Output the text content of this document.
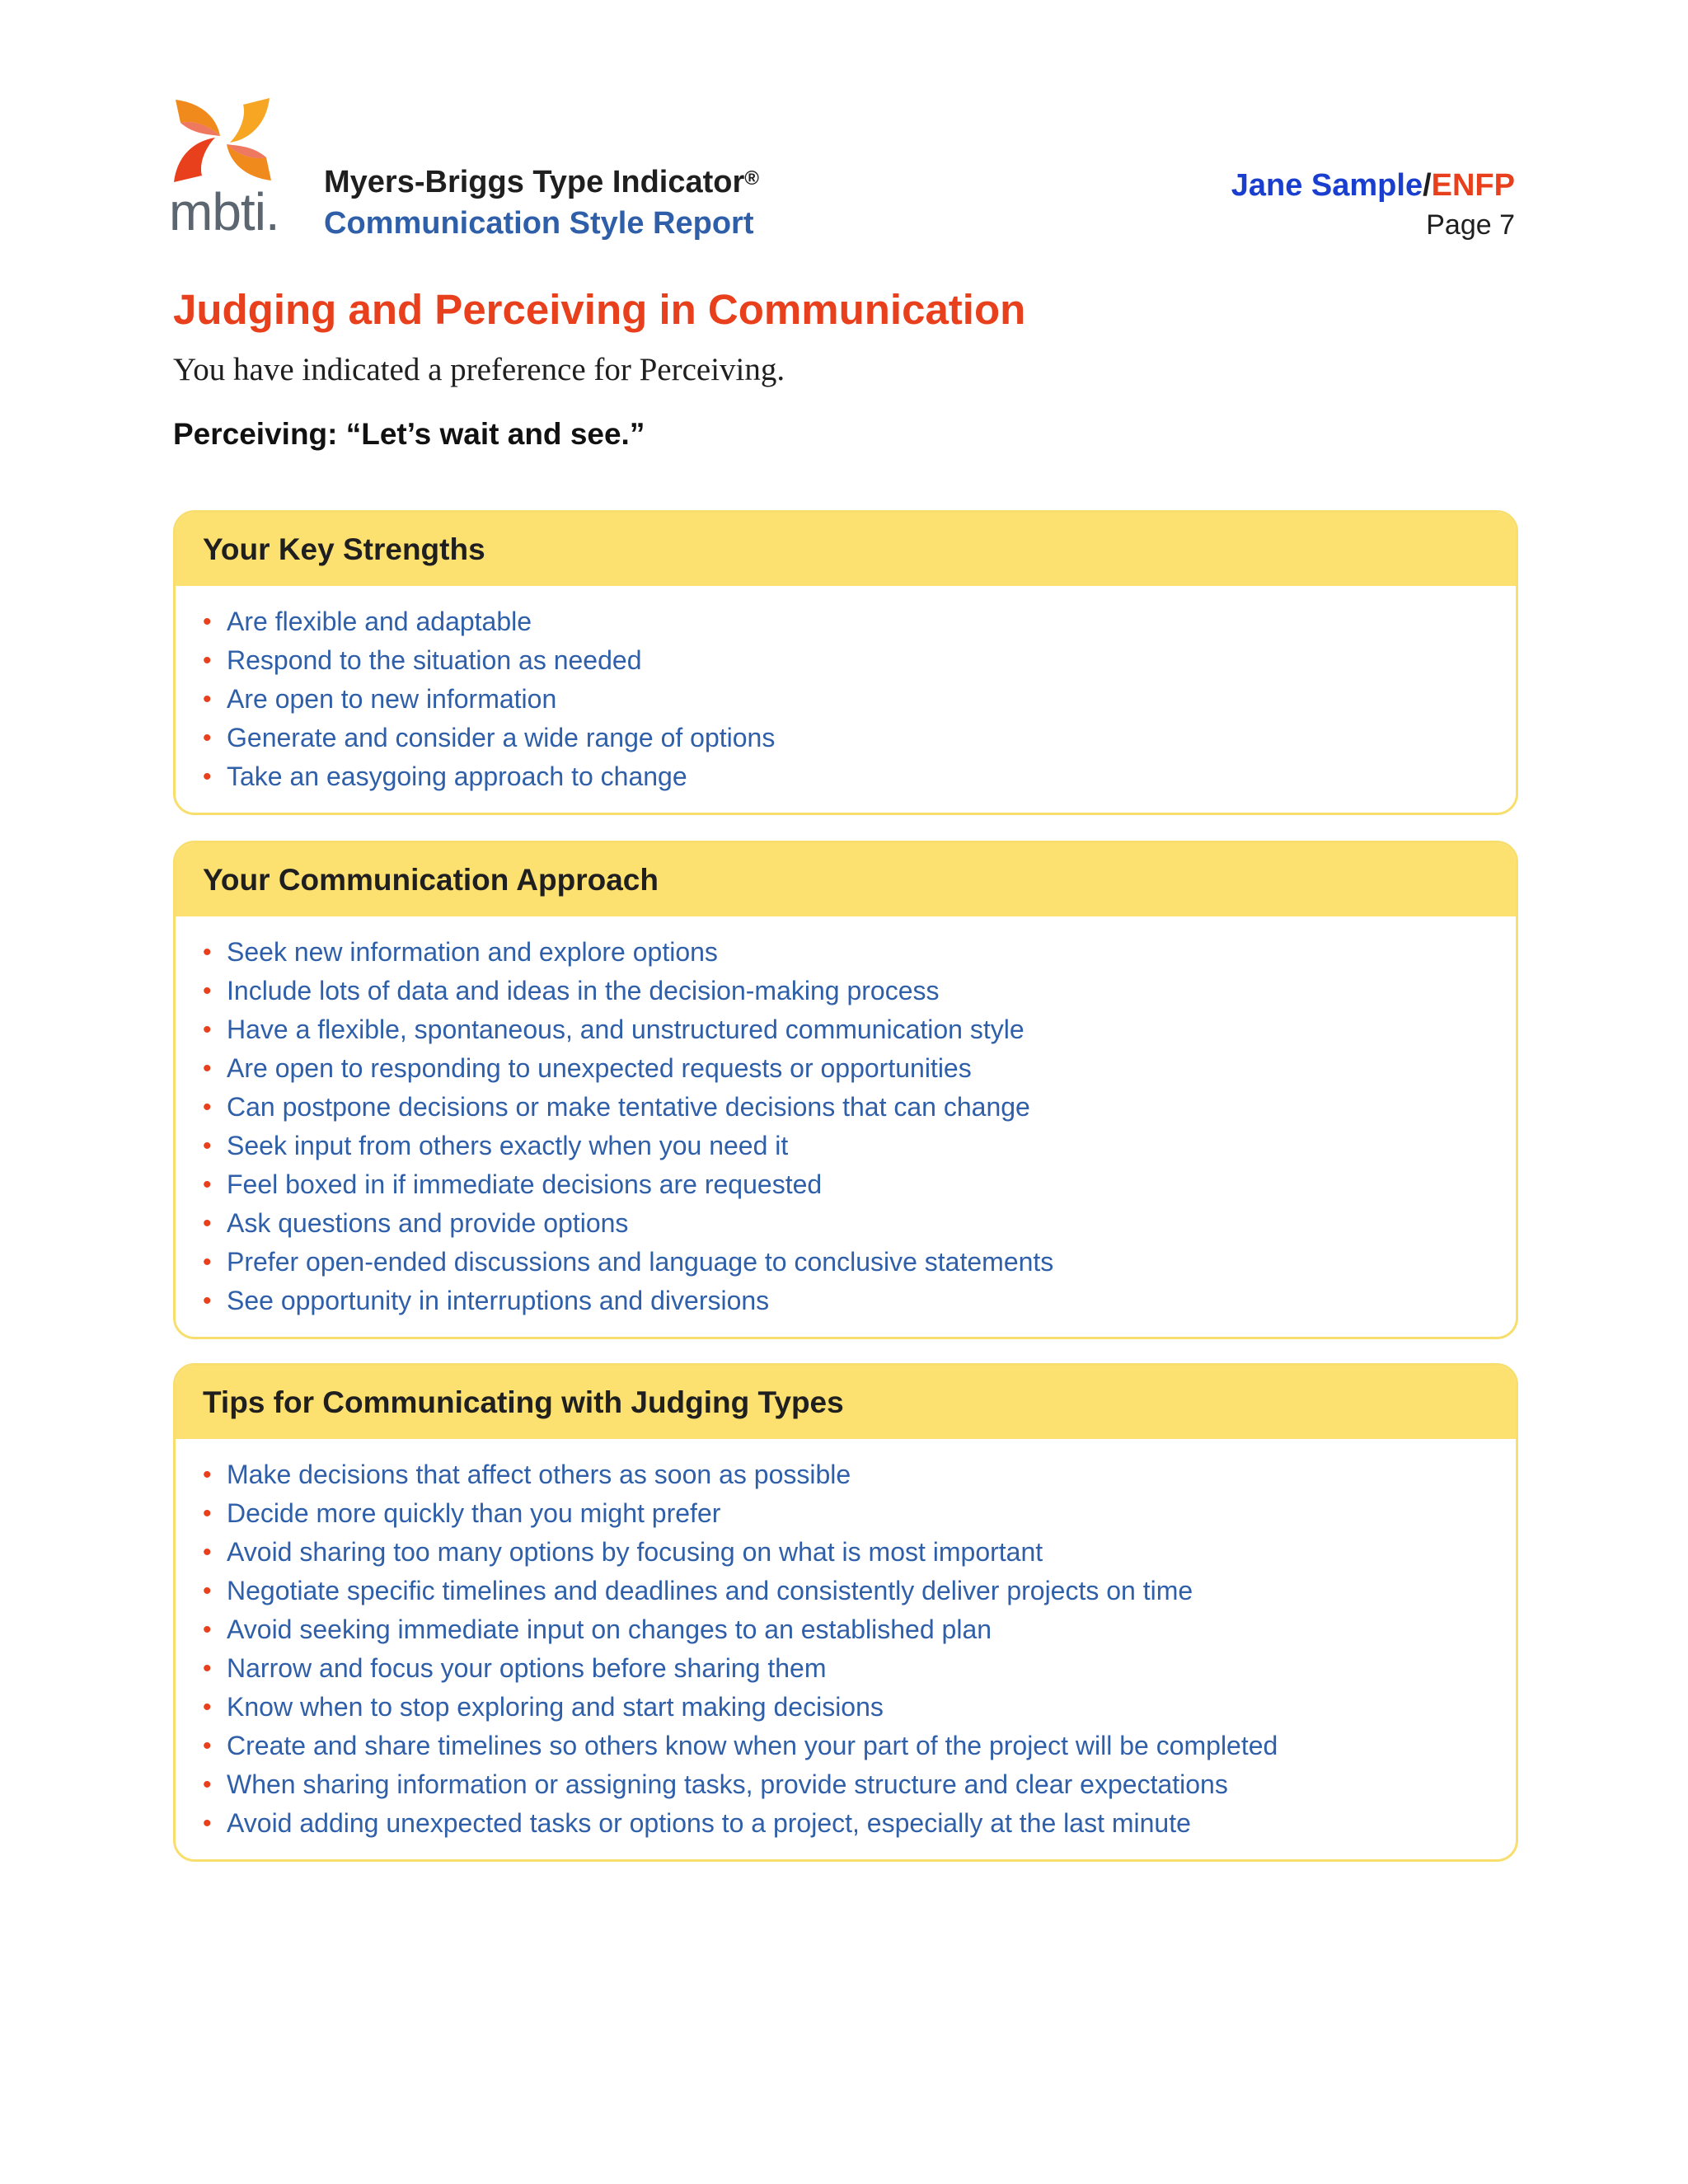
mbti. Myers-Briggs Type Indicator®
Communication Style Report
Jane Sample/ENFP
Page 7
Judging and Perceiving in Communication
You have indicated a preference for Perceiving.
Perceiving: “Let’s wait and see.”
Your Key Strengths
• Are flexible and adaptable
• Respond to the situation as needed
• Are open to new information
• Generate and consider a wide range of options
• Take an easygoing approach to change
Your Communication Approach
• Seek new information and explore options
• Include lots of data and ideas in the decision-making process
• Have a flexible, spontaneous, and unstructured communication style
• Are open to responding to unexpected requests or opportunities
• Can postpone decisions or make tentative decisions that can change
• Seek input from others exactly when you need it
• Feel boxed in if immediate decisions are requested
• Ask questions and provide options
• Prefer open-ended discussions and language to conclusive statements
• See opportunity in interruptions and diversions
Tips for Communicating with Judging Types
• Make decisions that affect others as soon as possible
• Decide more quickly than you might prefer
• Avoid sharing too many options by focusing on what is most important
• Negotiate specific timelines and deadlines and consistently deliver projects on time
• Avoid seeking immediate input on changes to an established plan
• Narrow and focus your options before sharing them
• Know when to stop exploring and start making decisions
• Create and share timelines so others know when your part of the project will be completed
• When sharing information or assigning tasks, provide structure and clear expectations
• Avoid adding unexpected tasks or options to a project, especially at the last minute
